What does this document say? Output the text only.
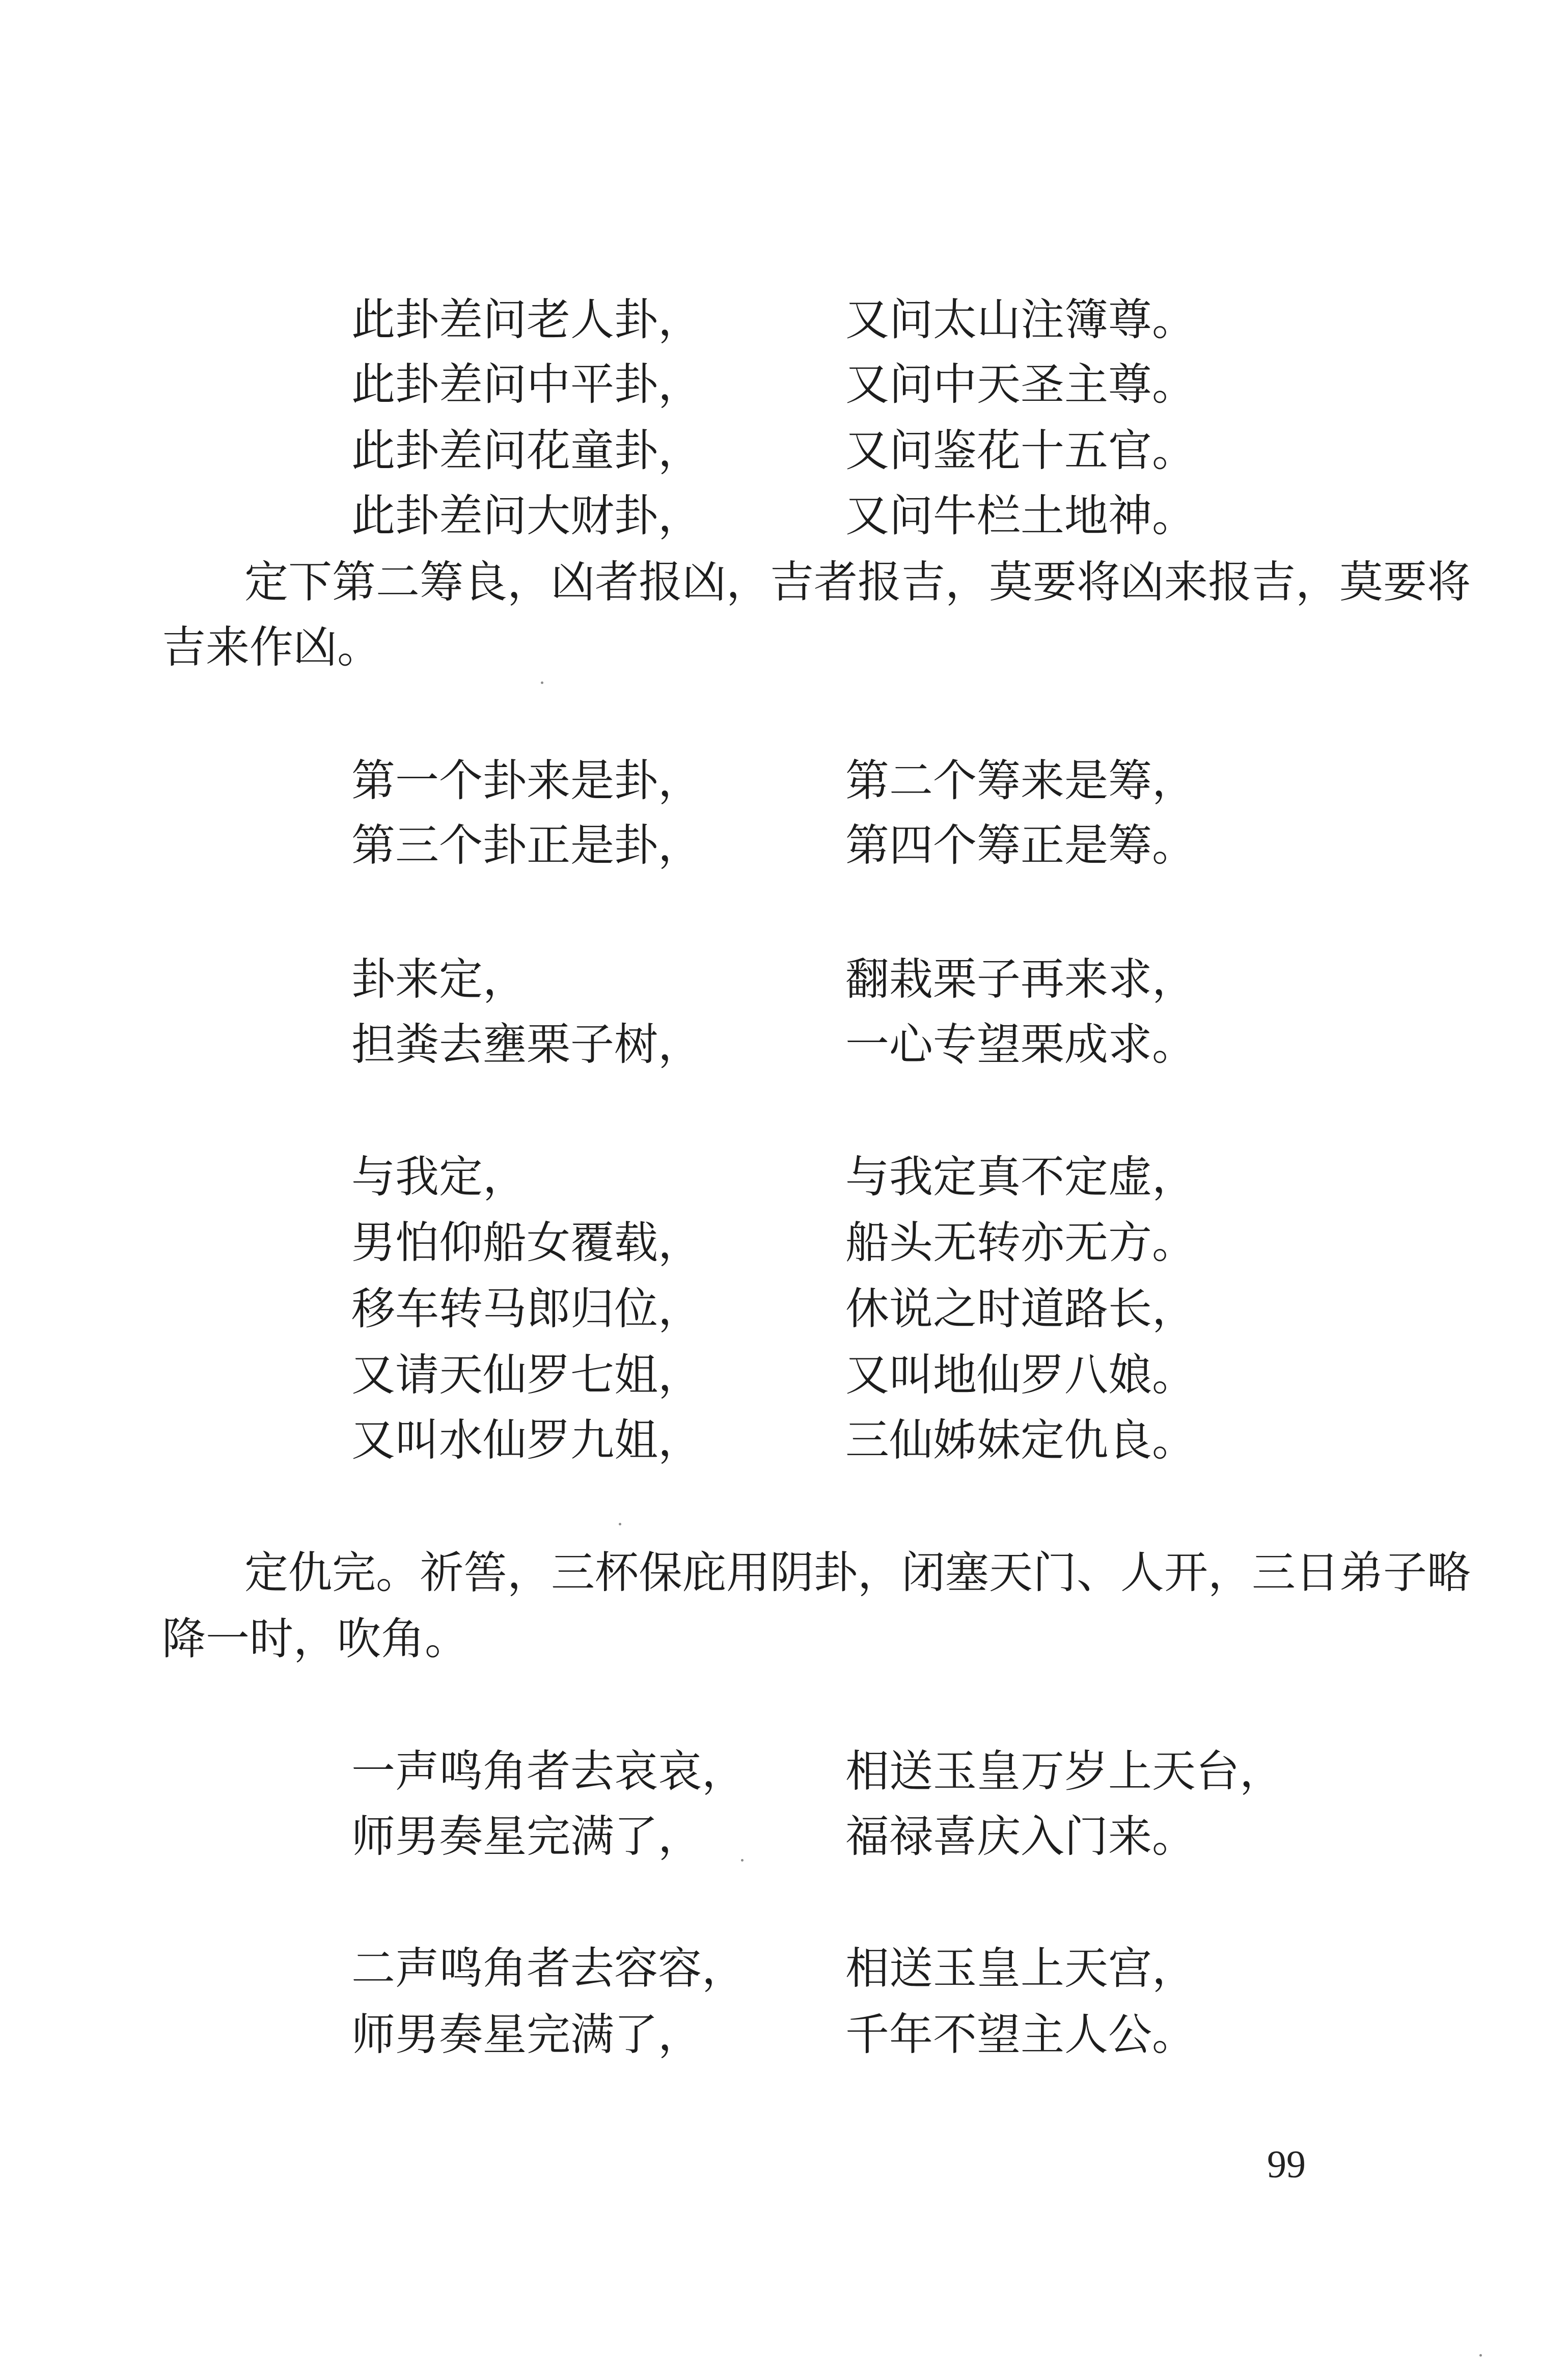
此卦差问老人卦，	又问太山注簿尊。
此卦差问中平卦，	又问中天圣主尊。
此卦差问花童卦，	又问鉴花十五官。
此卦差问大财卦，	又问牛栏土地神。
定下第二筹良，凶者报凶，吉者报吉，莫要将凶来报吉，莫要将
吉来作凶。
第一个卦来是卦，	第二个筹来是筹，
第三个卦正是卦，	第四个筹正是筹。
卦来定，	翻栽栗子再来求，
担粪去壅栗子树，	一心专望栗成求。
与我定，	与我定真不定虚，
男怕仰船女覆载，	船头无转亦无方。
移车转马郎归位，	休说之时道路长，
又请天仙罗七姐，	又叫地仙罗八娘。
又叫水仙罗九姐，	三仙姊妹定仇良。
定仇完。祈筶，三杯保庇用阴卦，闭塞天门、人开，三日弟子略
降一时，吹角。
一声鸣角者去哀哀， 相送玉皇万岁上天台，
师男奏星完满了，	福禄喜庆入门来。
二声鸣角者去容容， 相送玉皇上天宫，
师男奏星完满了，	千年不望主人公。
99
